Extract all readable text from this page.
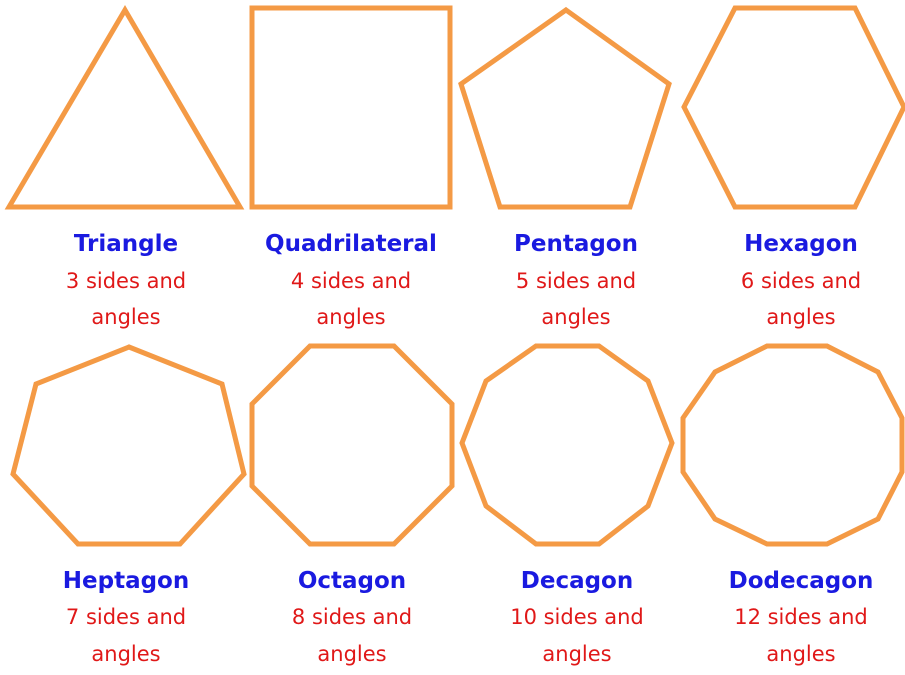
Triangle
3 sides and
angles
Quadrilateral
4 sides and
angles
Pentagon
5 sides and
angles
Hexagon
6 sides and
angles
Heptagon
7 sides and
angles
Octagon
8 sides and
angles
Decagon
10 sides and
angles
Dodecagon
12 sides and
angles
